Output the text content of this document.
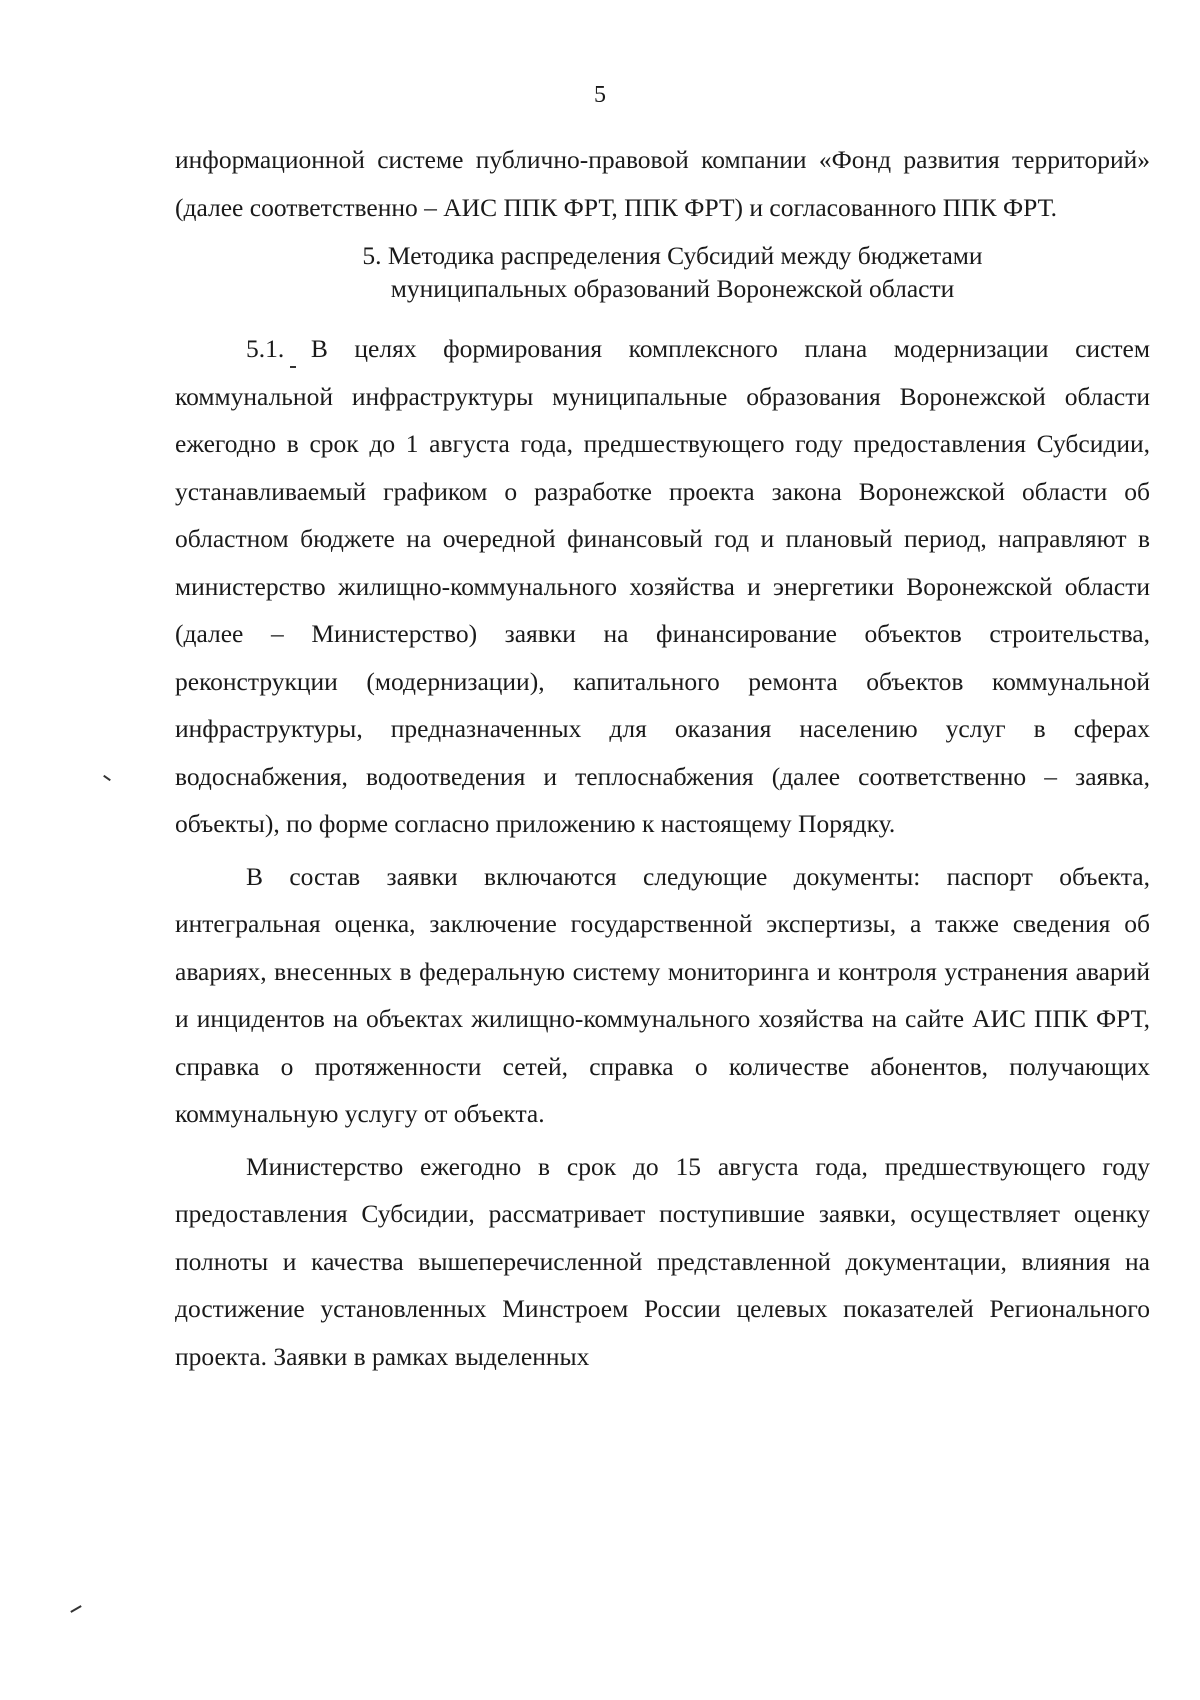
5

информационной системе публично-правовой компании «Фонд развития территорий» (далее соответственно – АИС ППК ФРТ, ППК ФРТ) и согласованного ППК ФРТ.

5. Методика распределения Субсидий между бюджетами
муниципальных образований Воронежской области

5.1. В целях формирования комплексного плана модернизации систем коммунальной инфраструктуры муниципальные образования Воронежской области ежегодно в срок до 1 августа года, предшествующего году предоставления Субсидии, устанавливаемый графиком о разработке проекта закона Воронежской области об областном бюджете на очередной финансовый год и плановый период, направляют в министерство жилищно-коммунального хозяйства и энергетики Воронежской области (далее – Министерство) заявки на финансирование объектов строительства, реконструкции (модернизации), капитального ремонта объектов коммунальной инфраструктуры, предназначенных для оказания населению услуг в сферах водоснабжения, водоотведения и теплоснабжения (далее соответственно – заявка, объекты), по форме согласно приложению к настоящему Порядку.

В состав заявки включаются следующие документы: паспорт объекта, интегральная оценка, заключение государственной экспертизы, а также сведения об авариях, внесенных в федеральную систему мониторинга и контроля устранения аварий и инцидентов на объектах жилищно-коммунального хозяйства на сайте АИС ППК ФРТ, справка о протяженности сетей, справка о количестве абонентов, получающих коммунальную услугу от объекта.

Министерство ежегодно в срок до 15 августа года, предшествующего году предоставления Субсидии, рассматривает поступившие заявки, осуществляет оценку полноты и качества вышеперечисленной представленной документации, влияния на достижение установленных Минстроем России целевых показателей Регионального проекта. Заявки в рамках выделенных
